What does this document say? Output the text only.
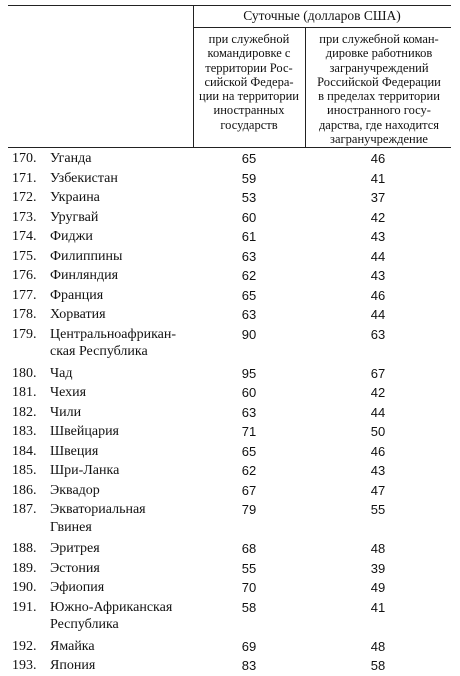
Суточные (долларов США)
при служебной
командировке с
территории Рос-
сийской Федера-
ции на территории
иностранных
государств
при служебной коман-
дировке работников
загранучреждений
Российской Федерации
в пределах территории
иностранного госу-
дарства, где находится
загранучреждение
170. Уганда	65	46
171. Узбекистан	59	41
172. Украина	53	37
173. Уругвай	60	42
174. Фиджи	61	43
175. Филиппины	63	44
176. Финляндия	62	43
177. Франция	65	46
178. Хорватия	63	44
179. Центральноафрикан-
ская Республика
90	63
180. Чад	95	67
181. Чехия	60	42
182. Чили	63	44
183. Швейцария	71	50
184. Швеция	65	46
185. Шри-Ланка	62	43
186. Эквадор	67	47
187. Экваториальная
Гвинея
79	55
188. Эритрея	68	48
189. Эстония	55	39
190. Эфиопия	70	49
191. Южно-Африканская
Республика
58	41
192. Ямайка	69	48
193. Япония	83	58
